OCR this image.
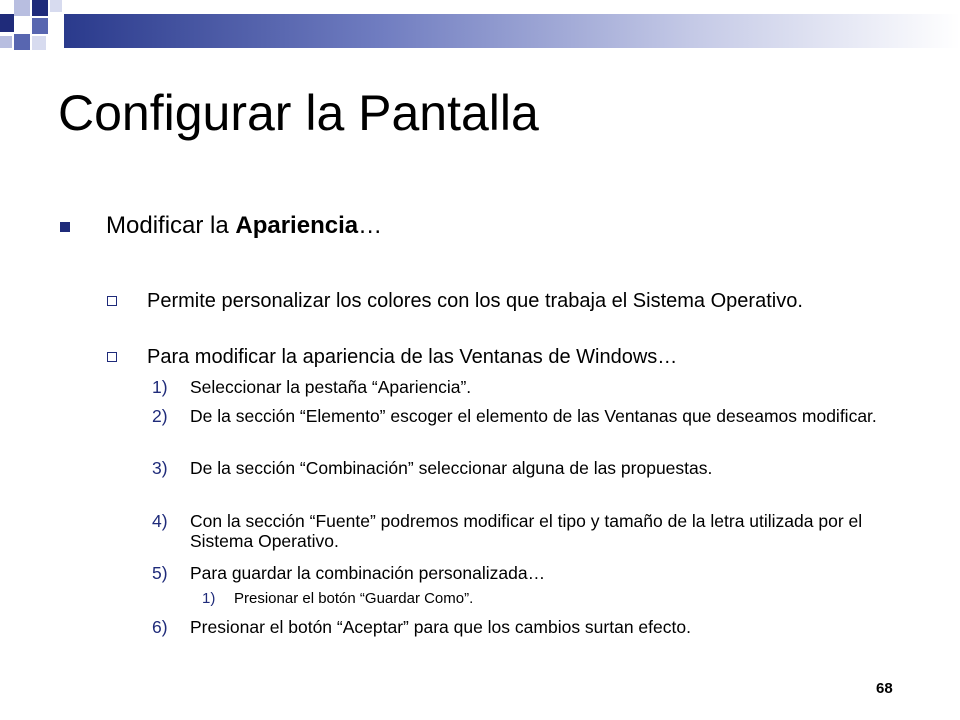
Configurar la Pantalla
Modificar la Apariencia…
Permite personalizar los colores con los que trabaja el Sistema Operativo.
Para modificar la apariencia de las Ventanas de Windows…
1) Seleccionar la pestaña “Apariencia”.
2) De la sección “Elemento” escoger el elemento de las Ventanas que deseamos modificar.
3) De la sección “Combinación” seleccionar alguna de las propuestas.
4) Con la sección “Fuente” podremos modificar el tipo y tamaño de la letra utilizada por el Sistema Operativo.
5) Para guardar la combinación personalizada…
1) Presionar el botón “Guardar Como”.
6) Presionar el botón “Aceptar” para que los cambios surtan efecto.
68
